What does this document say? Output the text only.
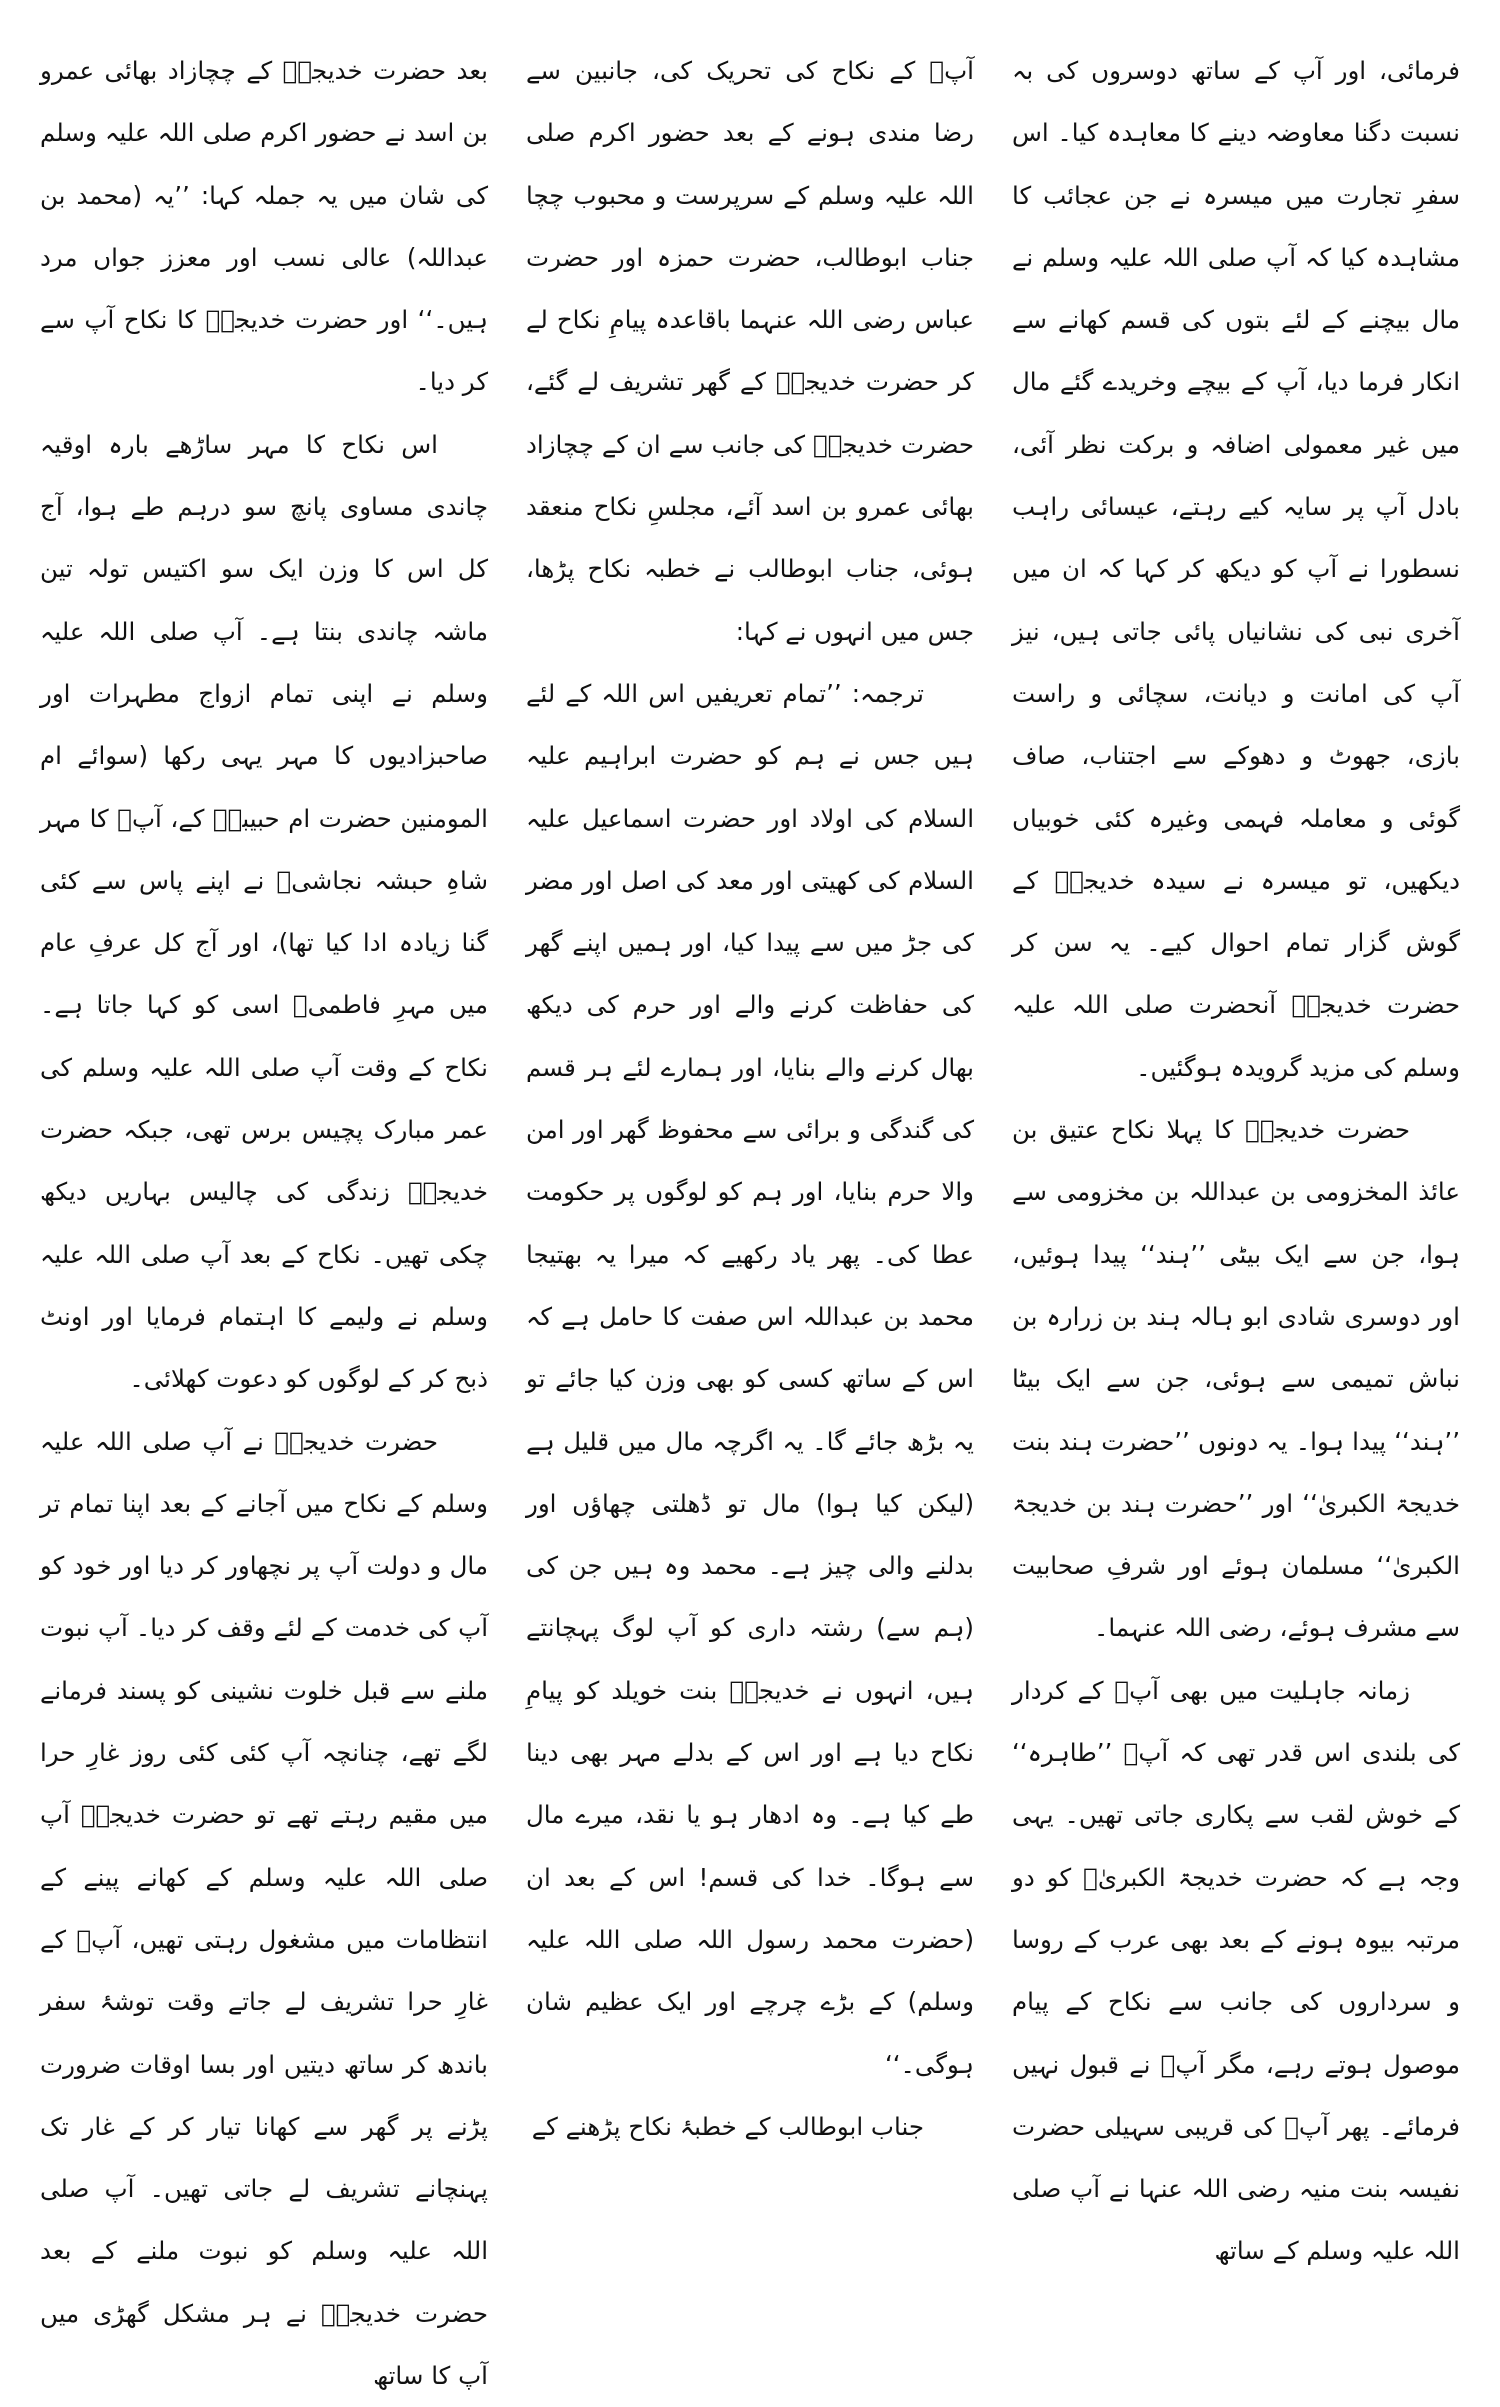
فرمائی، اور آپ کے ساتھ دوسروں کی بہ نسبت دگنا معاوضہ دینے کا معاہدہ کیا۔ اس سفرِ تجارت میں میسرہ نے جن عجائب کا مشاہدہ کیا کہ آپ صلی اللہ علیہ وسلم نے مال بیچنے کے لئے بتوں کی قسم کھانے سے انکار فرما دیا، آپ کے بیچے وخریدے گئے مال میں غیر معمولی اضافہ و برکت نظر آئی، بادل آپ پر سایہ کیے رہتے، عیسائی راہب نسطورا نے آپ کو دیکھ کر کہا کہ ان میں آخری نبی کی نشانیاں پائی جاتی ہیں، نیز آپ کی امانت و دیانت، سچائی و راست بازی، جھوٹ و دھوکے سے اجتناب، صاف گوئی و معاملہ فہمی وغیرہ کئی خوبیاں دیکھیں، تو میسرہ نے سیدہ خدیجہؓ کے گوش گزار تمام احوال کیے۔ یہ سن کر حضرت خدیجہؓ آنحضرت صلی اللہ علیہ وسلم کی مزید گرویدہ ہوگئیں۔

حضرت خدیجہؓ کا پہلا نکاح عتیق بن عائذ المخزومی بن عبداللہ بن مخزومی سے ہوا، جن سے ایک بیٹی ’’ہند‘‘ پیدا ہوئیں، اور دوسری شادی ابو ہالہ ہند بن زرارہ بن نباش تمیمی سے ہوئی، جن سے ایک بیٹا ’’ہند‘‘ پیدا ہوا۔ یہ دونوں ’’حضرت ہند بنت خدیجۃ الکبریٰ‘‘ اور ’’حضرت ہند بن خدیجۃ الکبریٰ‘‘ مسلمان ہوئے اور شرفِ صحابیت سے مشرف ہوئے، رضی اللہ عنہما۔

زمانہ جاہلیت میں بھی آپؐ کے کردار کی بلندی اس قدر تھی کہ آپؐ ’’طاہرہ‘‘ کے خوش لقب سے پکاری جاتی تھیں۔ یہی وجہ ہے کہ حضرت خدیجۃ الکبریٰؓ کو دو مرتبہ بیوہ ہونے کے بعد بھی عرب کے روسا و سرداروں کی جانب سے نکاح کے پیام موصول ہوتے رہے، مگر آپؐ نے قبول نہیں فرمائے۔ پھر آپؐ کی قریبی سہیلی حضرت نفیسہ بنت منیہ رضی اللہ عنہا نے آپ صلی اللہ علیہ وسلم کے ساتھ

آپؐ کے نکاح کی تحریک کی، جانبین سے رضا مندی ہونے کے بعد حضور اکرم صلی اللہ علیہ وسلم کے سرپرست و محبوب چچا جناب ابوطالب، حضرت حمزہ اور حضرت عباس رضی اللہ عنہما باقاعدہ پیامِ نکاح لے کر حضرت خدیجہؓ کے گھر تشریف لے گئے، حضرت خدیجہؓ کی جانب سے ان کے چچازاد بھائی عمرو بن اسد آئے، مجلسِ نکاح منعقد ہوئی، جناب ابوطالب نے خطبہ نکاح پڑھا، جس میں انہوں نے کہا:

ترجمہ: ’’تمام تعریفیں اس اللہ کے لئے ہیں جس نے ہم کو حضرت ابراہیم علیہ السلام کی اولاد اور حضرت اسماعیل علیہ السلام کی کھیتی اور معد کی اصل اور مضر کی جڑ میں سے پیدا کیا، اور ہمیں اپنے گھر کی حفاظت کرنے والے اور حرم کی دیکھ بھال کرنے والے بنایا، اور ہمارے لئے ہر قسم کی گندگی و برائی سے محفوظ گھر اور امن والا حرم بنایا، اور ہم کو لوگوں پر حکومت عطا کی۔ پھر یاد رکھیے کہ میرا یہ بھتیجا محمد بن عبداللہ اس صفت کا حامل ہے کہ اس کے ساتھ کسی کو بھی وزن کیا جائے تو یہ بڑھ جائے گا۔ یہ اگرچہ مال میں قلیل ہے (لیکن کیا ہوا) مال تو ڈھلتی چھاؤں اور بدلنے والی چیز ہے۔ محمد وہ ہیں جن کی (ہم سے) رشتہ داری کو آپ لوگ پہچانتے ہیں، انہوں نے خدیجہؓ بنت خویلد کو پیامِ نکاح دیا ہے اور اس کے بدلے مہر بھی دینا طے کیا ہے۔ وہ ادھار ہو یا نقد، میرے مال سے ہوگا۔ خدا کی قسم! اس کے بعد ان (حضرت محمد رسول اللہ صلی اللہ علیہ وسلم) کے بڑے چرچے اور ایک عظیم شان ہوگی۔‘‘

جناب ابوطالب کے خطبۂ نکاح پڑھنے کے

بعد حضرت خدیجہؓ کے چچازاد بھائی عمرو بن اسد نے حضور اکرم صلی اللہ علیہ وسلم کی شان میں یہ جملہ کہا: ’’یہ (محمد بن عبداللہ) عالی نسب اور معزز جواں مرد ہیں۔‘‘ اور حضرت خدیجہؓ کا نکاح آپ سے کر دیا۔

اس نکاح کا مہر ساڑھے بارہ اوقیہ چاندی مساوی پانچ سو درہم طے ہوا، آج کل اس کا وزن ایک سو اکتیس تولہ تین ماشہ چاندی بنتا ہے۔ آپ صلی اللہ علیہ وسلم نے اپنی تمام ازواج مطہرات اور صاحبزادیوں کا مہر یہی رکھا (سوائے ام المومنین حضرت ام حبیبہؓ کے، آپؐ کا مہر شاہِ حبشہ نجاشیؓ نے اپنے پاس سے کئی گنا زیادہ ادا کیا تھا)، اور آج کل عرفِ عام میں مہرِ فاطمیؓ اسی کو کہا جاتا ہے۔ نکاح کے وقت آپ صلی اللہ علیہ وسلم کی عمر مبارک پچیس برس تھی، جبکہ حضرت خدیجہؓ زندگی کی چالیس بہاریں دیکھ چکی تھیں۔ نکاح کے بعد آپ صلی اللہ علیہ وسلم نے ولیمے کا اہتمام فرمایا اور اونٹ ذبح کر کے لوگوں کو دعوت کھلائی۔

حضرت خدیجہؓ نے آپ صلی اللہ علیہ وسلم کے نکاح میں آجانے کے بعد اپنا تمام تر مال و دولت آپ پر نچھاور کر دیا اور خود کو آپ کی خدمت کے لئے وقف کر دیا۔ آپ نبوت ملنے سے قبل خلوت نشینی کو پسند فرمانے لگے تھے، چنانچہ آپ کئی کئی روز غارِ حرا میں مقیم رہتے تھے تو حضرت خدیجہؓ آپ صلی اللہ علیہ وسلم کے کھانے پینے کے انتظامات میں مشغول رہتی تھیں، آپؐ کے غارِ حرا تشریف لے جاتے وقت توشۂ سفر باندھ کر ساتھ دیتیں اور بسا اوقات ضرورت پڑنے پر گھر سے کھانا تیار کر کے غار تک پہنچانے تشریف لے جاتی تھیں۔ آپ صلی اللہ علیہ وسلم کو نبوت ملنے کے بعد حضرت خدیجہؓ نے ہر مشکل گھڑی میں آپ کا ساتھ
